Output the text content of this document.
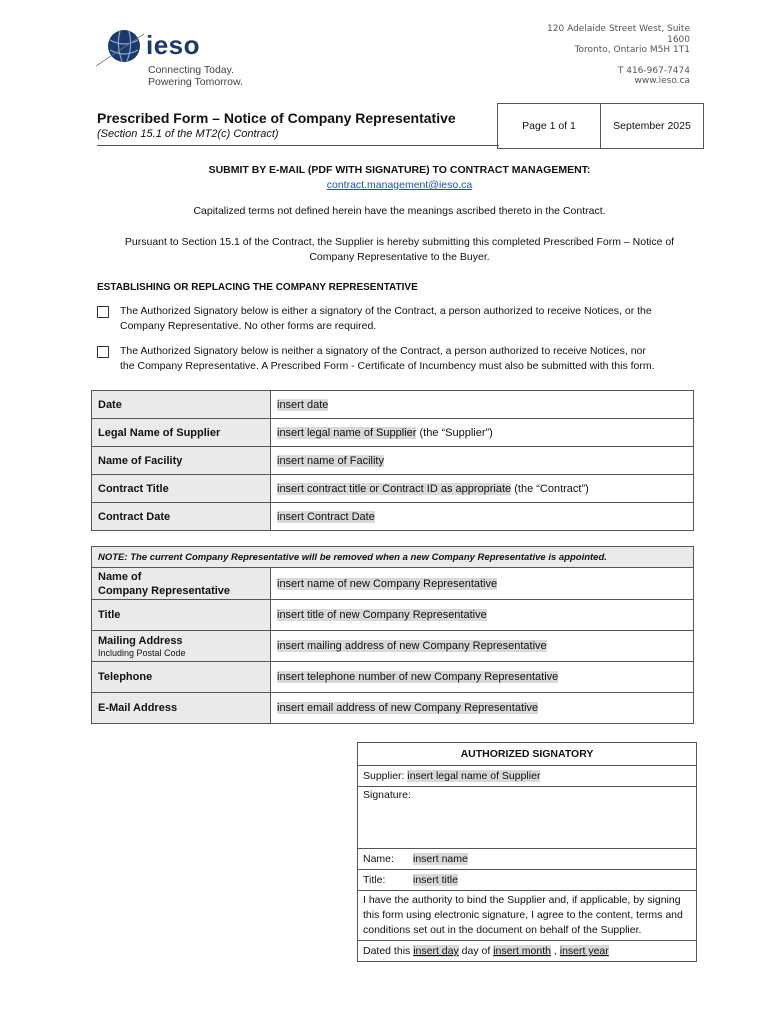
ieso
Connecting Today.
Powering Tomorrow.
120 Adelaide Street West, Suite
1600
Toronto, Ontario M5H 1T1
T 416-967-7474
www.ieso.ca
Prescribed Form – Notice of Company Representative
(Section 15.1 of the MT2(c) Contract)
Page 1 of 1	September 2025
SUBMIT BY E-MAIL (PDF WITH SIGNATURE) TO CONTRACT MANAGEMENT:
contract.management@ieso.ca
Capitalized terms not defined herein have the meanings ascribed thereto in the Contract.
Pursuant to Section 15.1 of the Contract, the Supplier is hereby submitting this completed Prescribed Form – Notice of
Company Representative to the Buyer.
ESTABLISHING OR REPLACING THE COMPANY REPRESENTATIVE
The Authorized Signatory below is either a signatory of the Contract, a person authorized to receive Notices, or the
Company Representative. No other forms are required.
The Authorized Signatory below is neither a signatory of the Contract, a person authorized to receive Notices, nor
the Company Representative. A Prescribed Form - Certificate of Incumbency must also be submitted with this form.
Date	insert date
Legal Name of Supplier	insert legal name of Supplier (the “Supplier”)
Name of Facility	insert name of Facility
Contract Title	insert contract title or Contract ID as appropriate (the “Contract”)
Contract Date	insert Contract Date
NOTE: The current Company Representative will be removed when a new Company Representative is appointed.	

Name of
Company Representative	insert name of new Company Representative
Title	insert title of new Company Representative

Mailing Address
Including Postal Code	insert mailing address of new Company Representative
Telephone	insert telephone number of new Company Representative
E-Mail Address	insert email address of new Company Representative
AUTHORIZED SIGNATORY
Supplier: insert legal name of Supplier
Signature:
Name: insert name
Title:	insert title
I have the authority to bind the Supplier and, if applicable, by signing this form using electronic signature, I agree to the content, terms and conditions set out in the document on behalf of the Supplier.
Dated this insert day day of insert month , insert year
